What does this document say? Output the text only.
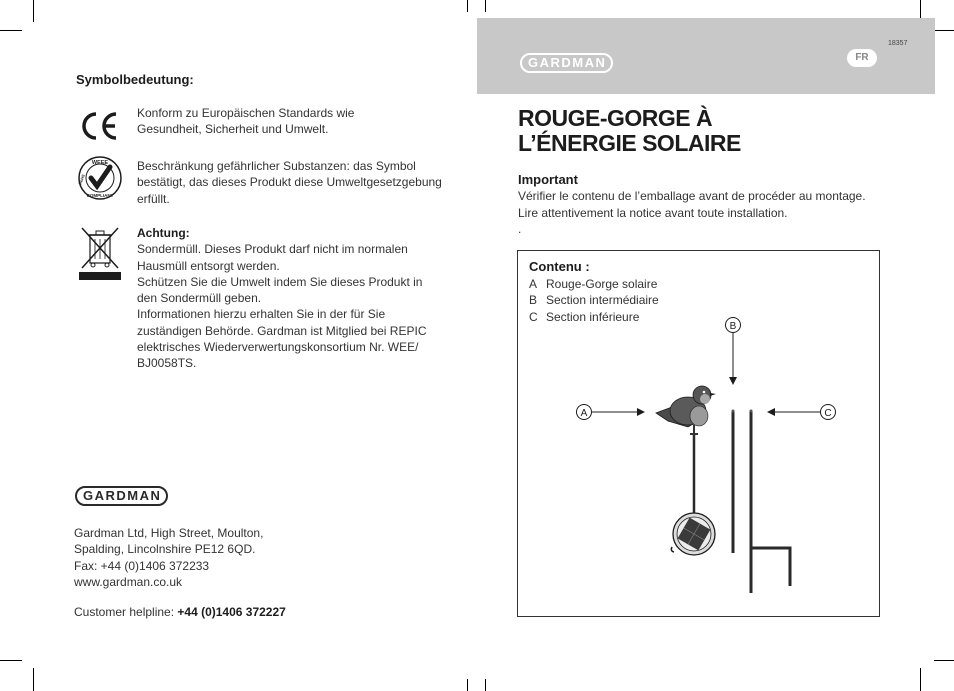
Symbolbedeutung:
Konform zu Europäischen Standards wie
Gesundheit, Sicherheit und Umwelt.
WEEE
COMPLIANT
RoHS
Beschränkung gefährlicher Substanzen: das Symbol
bestätigt, das dieses Produkt diese Umweltgesetzgebung
erfüllt.
Achtung:
Sondermüll. Dieses Produkt darf nicht im normalen
Hausmüll entsorgt werden.
Schützen Sie die Umwelt indem Sie dieses Produkt in
den Sondermüll geben.
Informationen hierzu erhalten Sie in der für Sie
zuständigen Behörde. Gardman ist Mitglied bei REPIC
elektrisches Wiederverwertungskonsortium Nr. WEE/
BJ0058TS.
GARDMAN
Gardman Ltd, High Street, Moulton,
Spalding, Lincolnshire PE12 6QD.
Fax: +44 (0)1406 372233
www.gardman.co.uk
Customer helpline: +44 (0)1406 372227
GARDMAN	FR
18357
ROUGE-GORGE À
L’ÉNERGIE SOLAIRE
Important
Vérifier le contenu de l’emballage avant de procéder au montage.
Lire attentivement la notice avant toute installation.
.
Contenu :
A Rouge-Gorge solaire
B Section intermédiaire
C Section inférieure
B
A	C
